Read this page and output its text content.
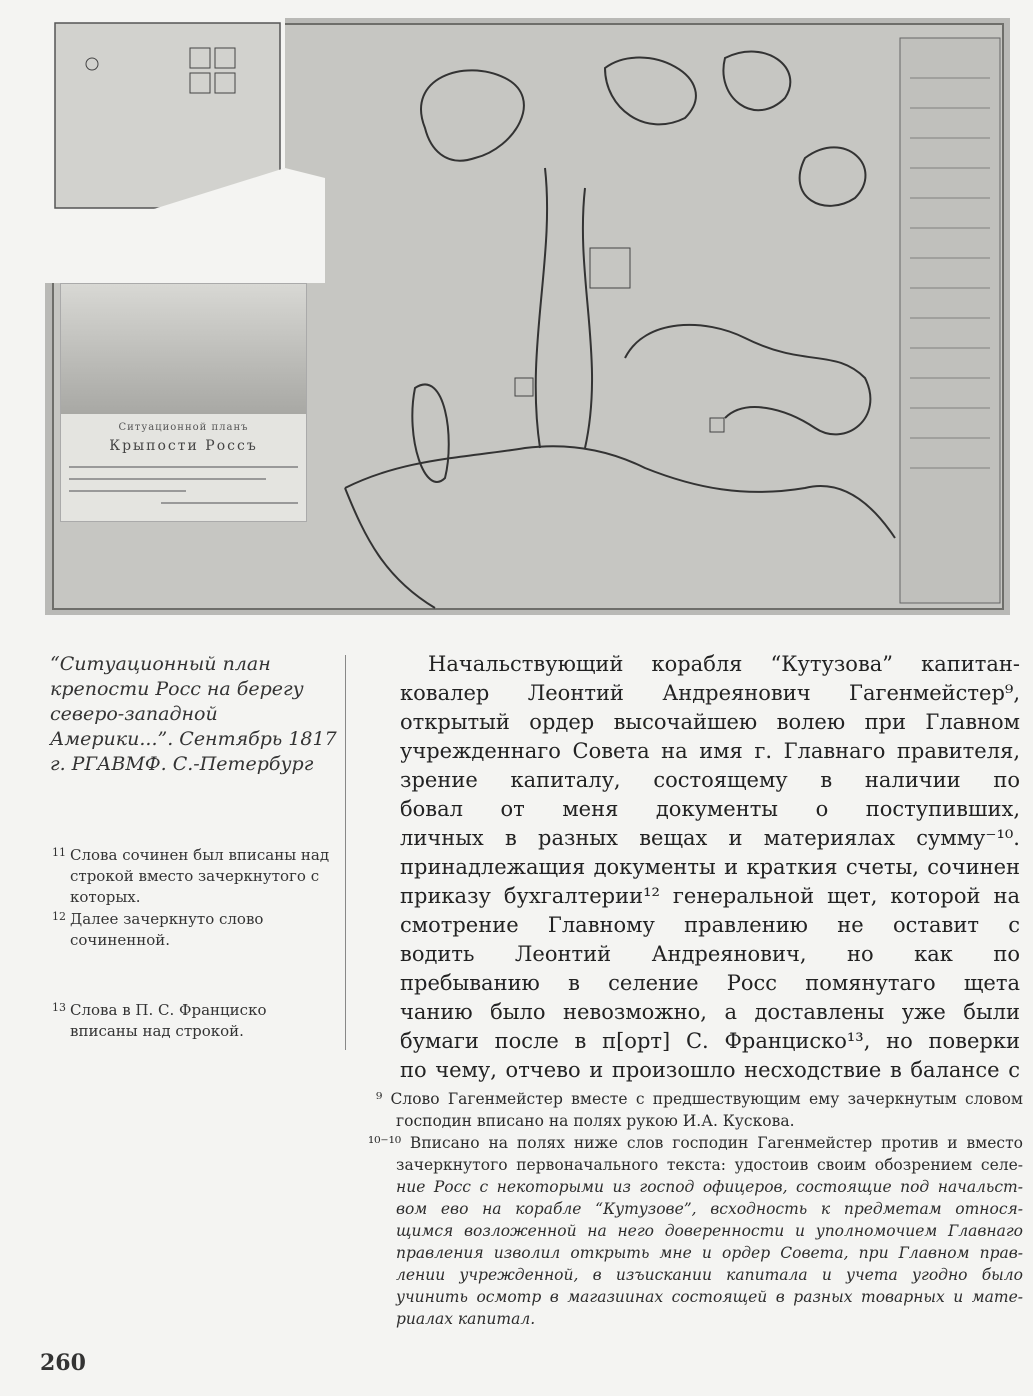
Ситуационной планъ
Крыпости Россъ
“Ситуационный план крепости Росс на берегу северо-западной Америки...”. Сентябрь 1817 г. РГАВМФ. С.-Петербург
11 Слова сочинен был вписаны над строкой вместо зачеркнутого с которых.
12 Далее зачеркнуто слово сочиненной.
13 Слова в П. С. Франциско вписаны над строкой.
Начальствующий корабля “Кутузова” капитан-
ковалер Леонтий Андреянович Гагенмейстер⁹,
открытый ордер высочайшею волею при Главном
учрежденнаго Совета на имя г. Главнаго правителя,
зрение капиталу, состоящему в наличии по
бовал от меня документы о поступивших,
личных в разных вещах и материялах сумму⁻¹⁰.
принадлежащия документы и краткия счеты, сочинен
приказу бухгалтерии¹² генеральной щет, которой на
смотрение Главному правлению не оставит с
водить Леонтий Андреянович, но как по
пребыванию в селение Росс помянутаго щета
чанию было невозможно, а доставлены уже были
бумаги после в п[орт] С. Франциско¹³, но поверки
по чему, отчево и произошло несходствие в балансе с
⁹ Слово Гагенмейстер вместе с предшествующим ему зачеркнутым словом
господин вписано на полях рукою И.А. Кускова.
¹⁰⁻¹⁰ Вписано на полях ниже слов господин Гагенмейстер против и вместо
зачеркнутого первоначального текста: удостоив своим обозрением селе-
ние Росс с некоторыми из господ офицеров, состоящие под начальст-
вом ево на корабле “Кутузове”, всходность к предметам относя-
щимся возложенной на него доверенности и уполномочием Главнаго
правления изволил открыть мне и ордер Совета, при Главном прав-
лении учрежденной, в изъискании капитала и учета угодно было
учинить осмотр в магазиинах состоящей в разных товарных и мате-
риалах капитал.
260
